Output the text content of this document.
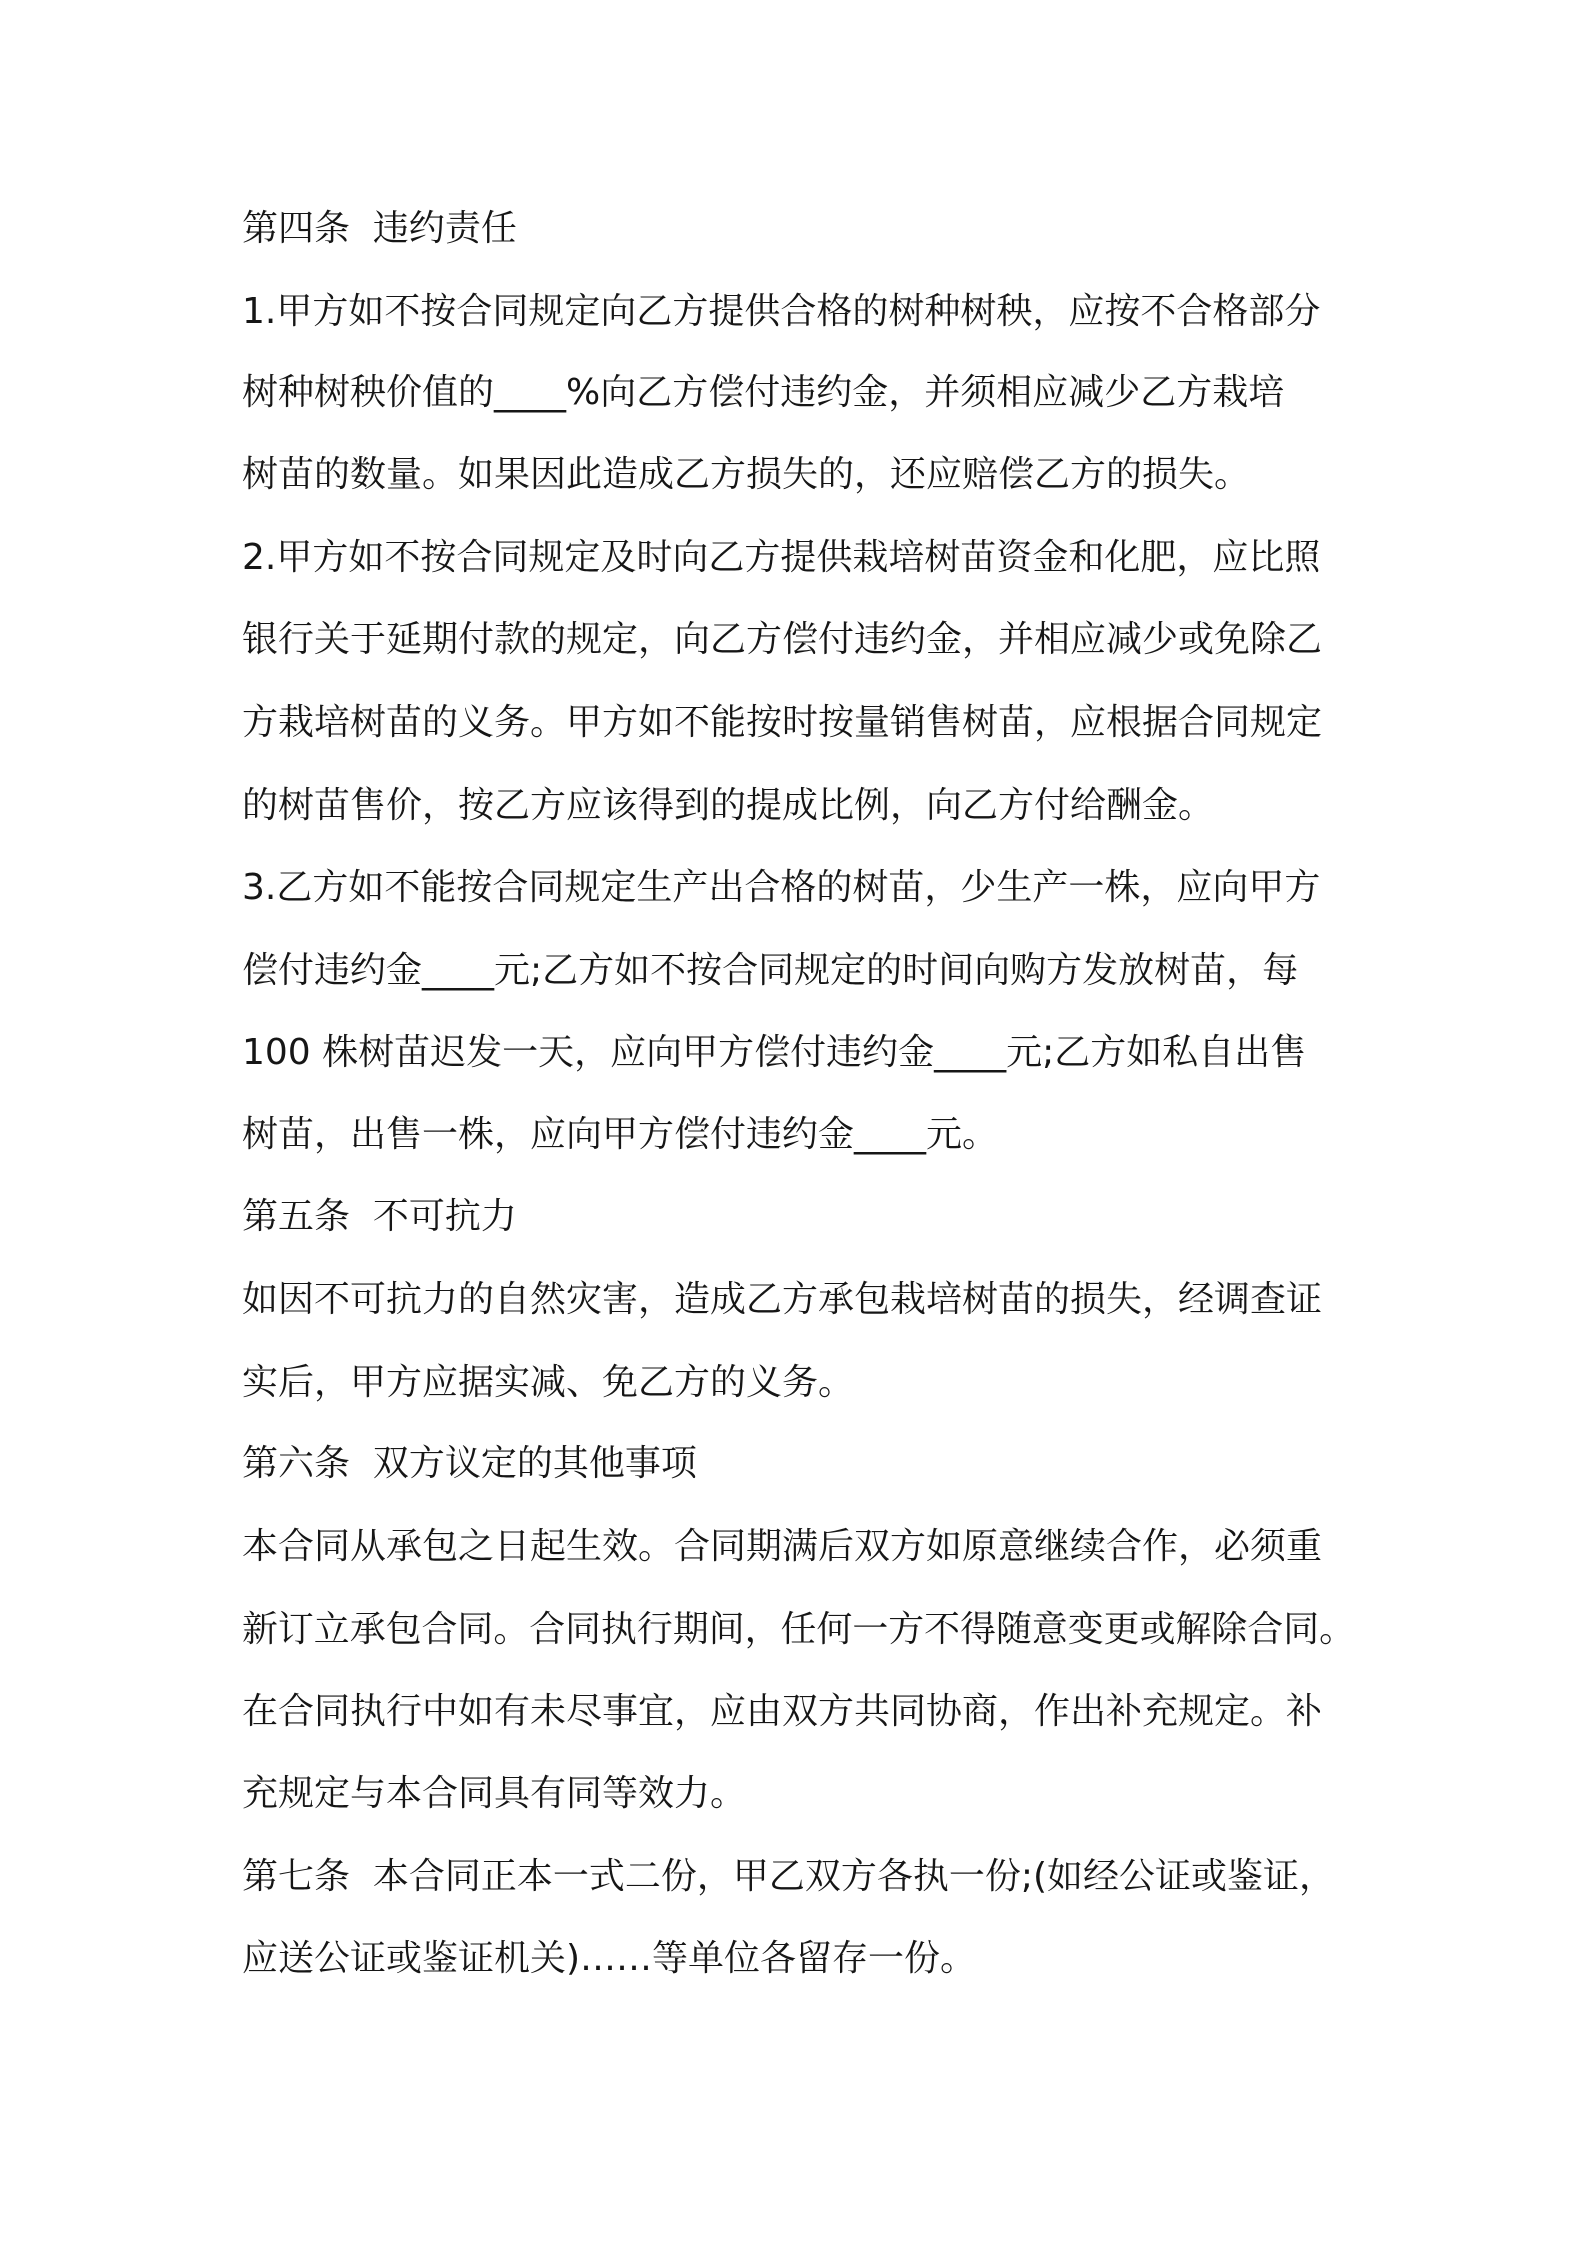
第四条  违约责任
1.甲方如不按合同规定向乙方提供合格的树种树秧，应按不合格部分
树种树秧价值的____%向乙方偿付违约金，并须相应减少乙方栽培
树苗的数量。如果因此造成乙方损失的，还应赔偿乙方的损失。
2.甲方如不按合同规定及时向乙方提供栽培树苗资金和化肥，应比照
银行关于延期付款的规定，向乙方偿付违约金，并相应减少或免除乙
方栽培树苗的义务。甲方如不能按时按量销售树苗，应根据合同规定
的树苗售价，按乙方应该得到的提成比例，向乙方付给酬金。
3.乙方如不能按合同规定生产出合格的树苗，少生产一株，应向甲方
偿付违约金____元;乙方如不按合同规定的时间向购方发放树苗，每
100 株树苗迟发一天，应向甲方偿付违约金____元;乙方如私自出售
树苗，出售一株，应向甲方偿付违约金____元。
第五条  不可抗力
如因不可抗力的自然灾害，造成乙方承包栽培树苗的损失，经调查证
实后，甲方应据实减、免乙方的义务。
第六条  双方议定的其他事项
本合同从承包之日起生效。合同期满后双方如原意继续合作，必须重
新订立承包合同。合同执行期间，任何一方不得随意变更或解除合同。
在合同执行中如有未尽事宜，应由双方共同协商，作出补充规定。补
充规定与本合同具有同等效力。
第七条  本合同正本一式二份，甲乙双方各执一份;(如经公证或鉴证，
应送公证或鉴证机关)……等单位各留存一份。
